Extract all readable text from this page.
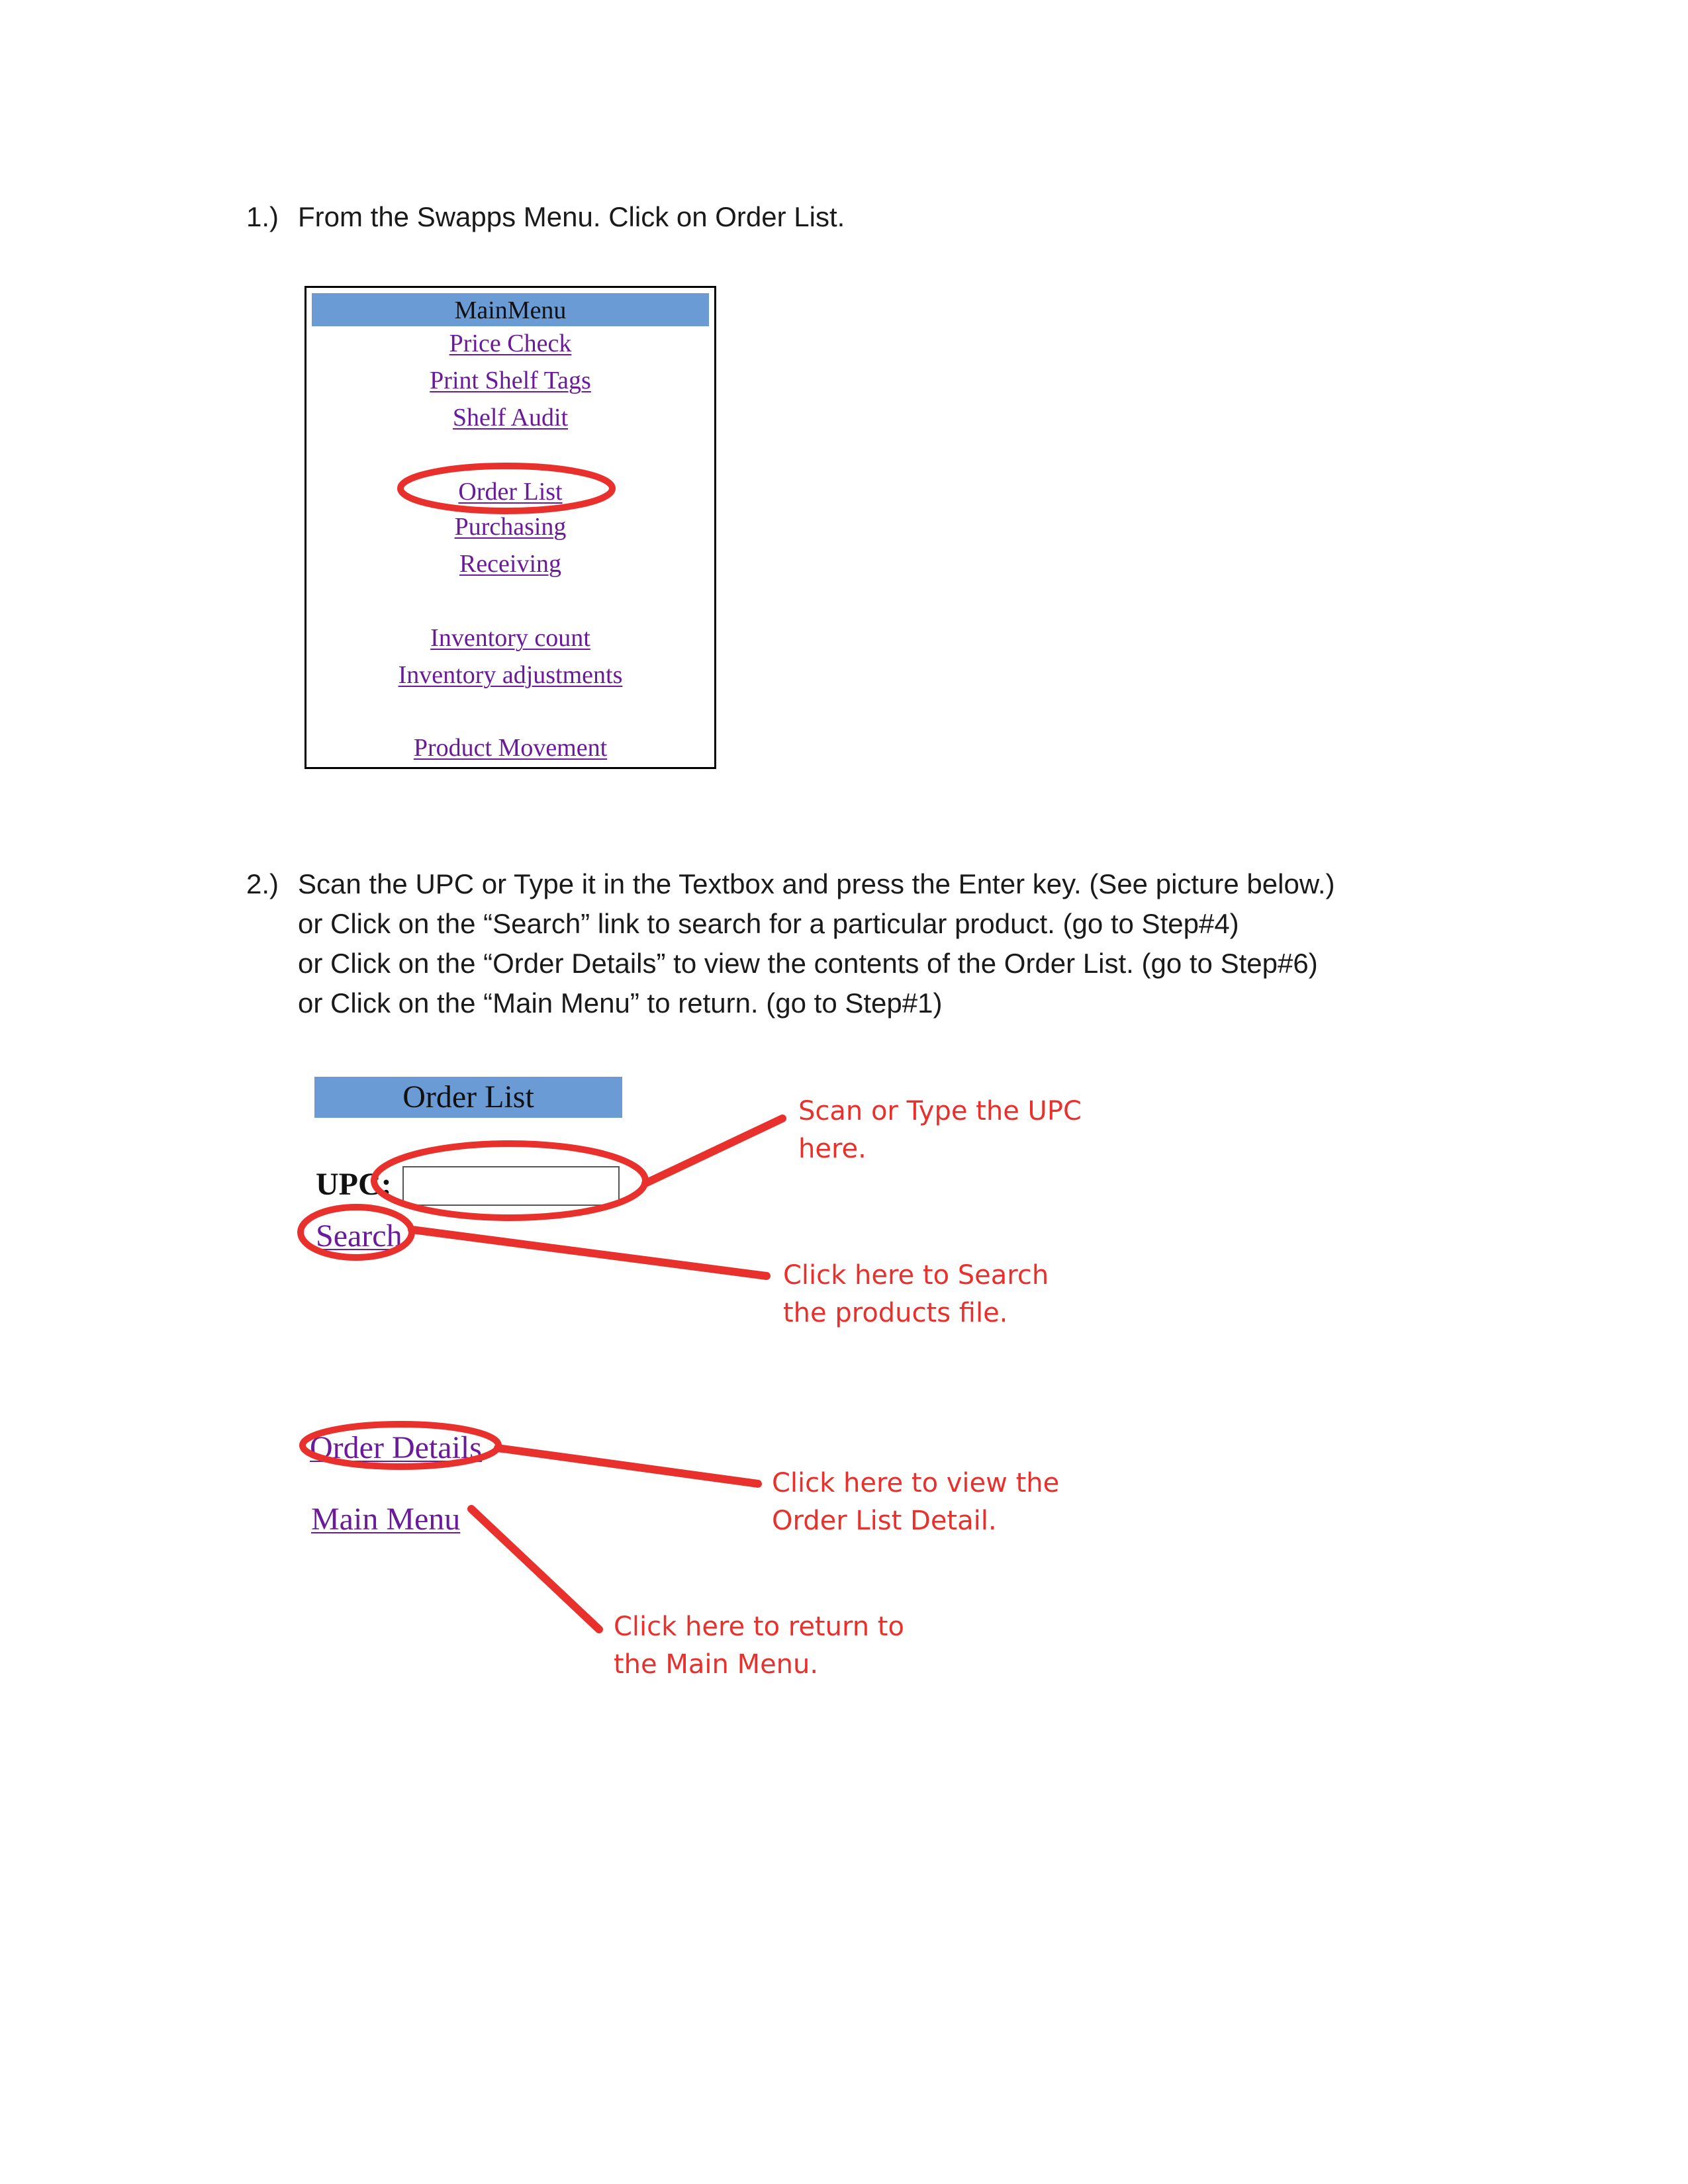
1.) From the Swapps Menu. Click on Order List.
MainMenu
Price Check
Print Shelf Tags
Shelf Audit
Order List
Purchasing
Receiving
Inventory count
Inventory adjustments
Product Movement
2.) Scan the UPC or Type it in the Textbox and press the Enter key. (See picture below.)
or Click on the “Search” link to search for a particular product. (go to Step#4)
or Click on the “Order Details” to view the contents of the Order List. (go to Step#6)
or Click on the “Main Menu” to return. (go to Step#1)
Order List
UPC:
Search
Order Details
Main Menu
Scan or Type the UPC
here.
Click here to Search
the products file.
Click here to view the
Order List Detail.
Click here to return to
the Main Menu.
